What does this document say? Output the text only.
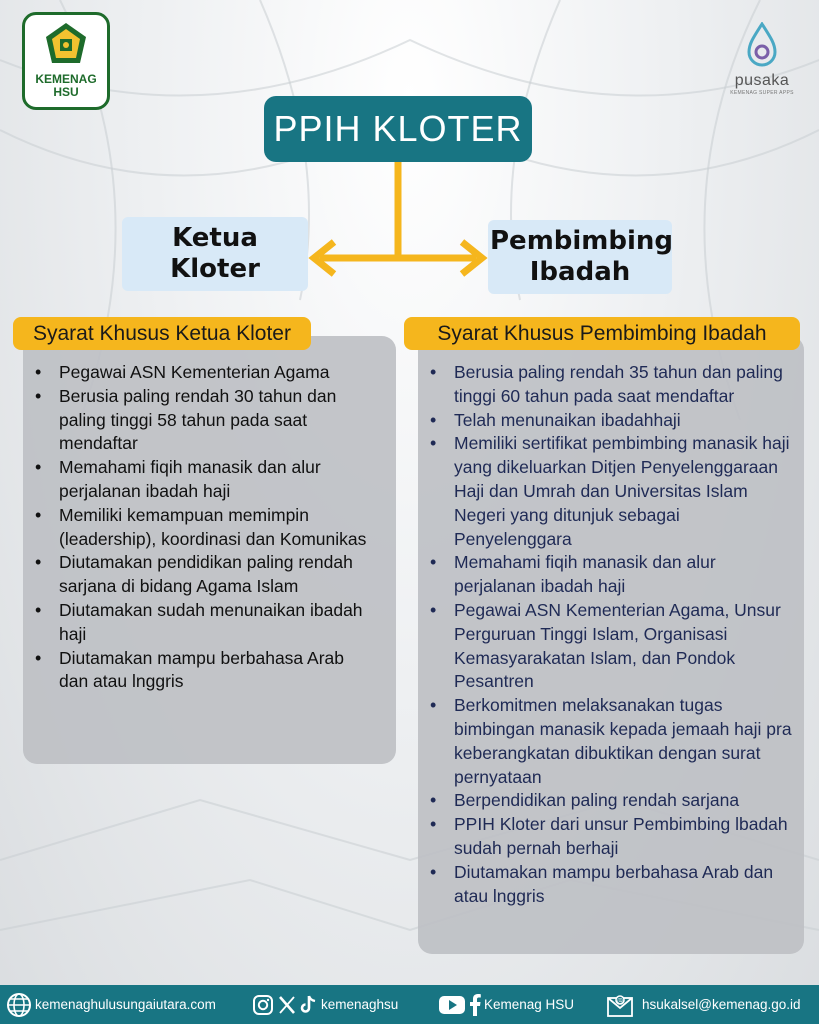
KEMENAG
HSU
pusaka
KEMENAG SUPER APPS
PPIH KLOTER
Ketua Kloter
Pembimbing Ibadah
Syarat Khusus Ketua Kloter	Syarat Khusus Pembimbing Ibadah
• Pegawai ASN Kementerian Agama
• Berusia paling rendah 30 tahun dan paling tinggi 58 tahun pada saat mendaftar
• Memahami fiqih manasik dan alur perjalanan ibadah haji
• Memiliki kemampuan memimpin (leadership), koordinasi dan Komunikas
• Diutamakan pendidikan paling rendah sarjana di bidang Agama Islam
• Diutamakan sudah menunaikan ibadah haji
• Diutamakan mampu berbahasa Arab dan atau lnggris
• Berusia paling rendah 35 tahun dan paling tinggi 60 tahun pada saat mendaftar
• Telah menunaikan ibadahhaji
• Memiliki sertifikat pembimbing manasik haji yang dikeluarkan Ditjen Penyelenggaraan Haji dan Umrah dan Universitas Islam Negeri yang ditunjuk sebagai Penyelenggara
• Memahami fiqih manasik dan alur perjalanan ibadah haji
• Pegawai ASN Kementerian Agama, Unsur Perguruan Tinggi Islam, Organisasi Kemasyarakatan Islam, dan Pondok Pesantren
• Berkomitmen melaksanakan tugas bimbingan manasik kepada jemaah haji pra keberangkatan dibuktikan dengan surat pernyataan
• Berpendidikan paling rendah sarjana
• PPIH Kloter dari unsur Pembimbing lbadah sudah pernah berhaji
• Diutamakan mampu berbahasa Arab dan atau lnggris
kemenaghulusungaiutara.com	kemenaghsu	Kemenag HSU	@ hsukalsel@kemenag.go.id
